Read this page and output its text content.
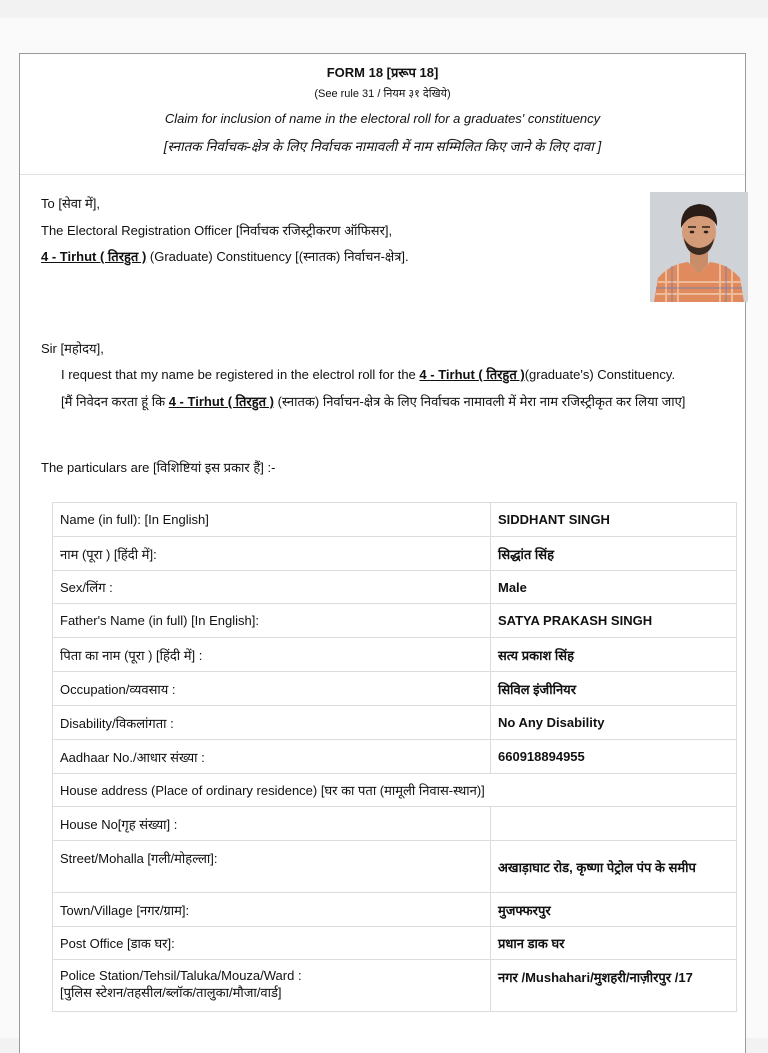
FORM 18 [प्ररूप 18]
(See rule 31 / नियम ३१ देखिये)
Claim for inclusion of name in the electoral roll for a graduates' constituency
[स्नातक निर्वाचक-क्षेत्र के लिए निर्वाचक नामावली में नाम सम्मिलित किए जाने के लिए दावा ]
To [सेवा में],
The Electoral Registration Officer [निर्वाचक रजिस्ट्रीकरण ऑफिसर],
4 - Tirhut ( तिरहुत ) (Graduate) Constituency [(स्नातक) निर्वाचन-क्षेत्र].
Sir [महोदय],
I request that my name be registered in the electrol roll for the 4 - Tirhut ( तिरहुत )(graduate's) Constituency.
[मैं निवेदन करता हूं कि 4 - Tirhut ( तिरहुत ) (स्नातक) निर्वाचन-क्षेत्र के लिए निर्वाचक नामावली में मेरा नाम रजिस्ट्रीकृत कर लिया जाए]
The particulars are [विशिष्टियां इस प्रकार हैं] :-
Name (in full): [In English]	SIDDHANT SINGH
नाम (पूरा ) [हिंदी में]:	सिद्धांत सिंह
Sex/लिंग :	Male
Father's Name (in full) [In English]:	SATYA PRAKASH SINGH
पिता का नाम (पूरा ) [हिंदी में] :	सत्य प्रकाश सिंह
Occupation/व्यवसाय :	सिविल इंजीनियर
Disability/विकलांगता :	No Any Disability
Aadhaar No./आधार संख्या :	660918894955
House address (Place of ordinary residence) [घर का पता (मामूली निवास-स्थान)]	
House No[गृह संख्या] :	
Street/Mohalla [गली/मोहल्ला]:	अखाड़ाघाट रोड, कृष्णा पेट्रोल पंप के समीप
Town/Village [नगर/ग्राम]:	मुजफ्फरपुर
Post Office [डाक घर]:	प्रधान डाक घर

Police Station/Tehsil/Taluka/Mouza/Ward :
[पुलिस स्टेशन/तहसील/ब्लॉक/तालुका/मौजा/वार्ड]	नगर /Mushahari/मुशहरी/नाज़ीरपुर /17
